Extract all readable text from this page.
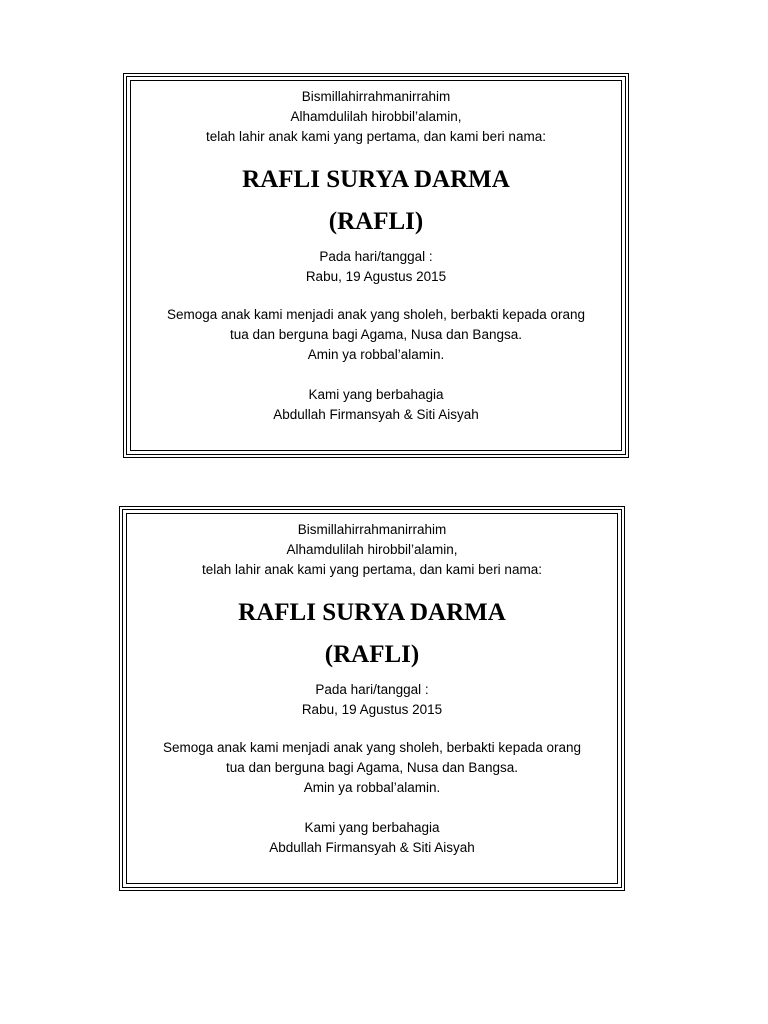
Bismillahirrahmanirrahim

Alhamdulilah hirobbil’alamin,

telah lahir anak kami yang pertama, dan kami beri nama:

RAFLI SURYA DARMA

(RAFLI)

Pada hari/tanggal :

Rabu, 19 Agustus 2015

Semoga anak kami menjadi anak yang sholeh, berbakti kepada orang

tua dan berguna bagi Agama, Nusa dan Bangsa.

Amin ya robbal’alamin.

Kami yang berbahagia

Abdullah Firmansyah & Siti Aisyah

Bismillahirrahmanirrahim

Alhamdulilah hirobbil’alamin,

telah lahir anak kami yang pertama, dan kami beri nama:

RAFLI SURYA DARMA

(RAFLI)

Pada hari/tanggal :

Rabu, 19 Agustus 2015

Semoga anak kami menjadi anak yang sholeh, berbakti kepada orang

tua dan berguna bagi Agama, Nusa dan Bangsa.

Amin ya robbal’alamin.

Kami yang berbahagia

Abdullah Firmansyah & Siti Aisyah
